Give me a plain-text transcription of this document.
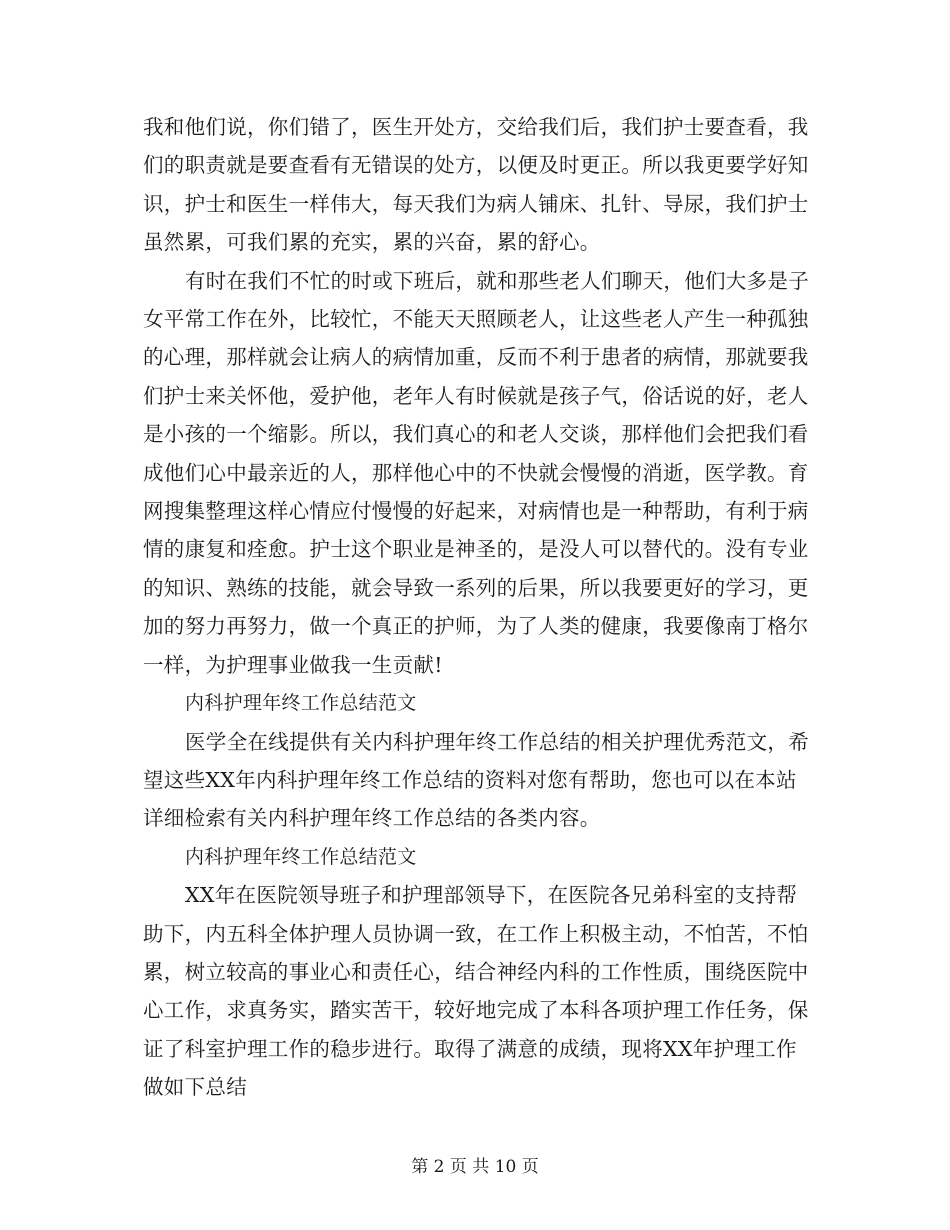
我和他们说，你们错了，医生开处方，交给我们后，我们护士要查看，我们的职责就是要查看有无错误的处方，以便及时更正。所以我更要学好知识，护士和医生一样伟大，每天我们为病人铺床、扎针、导尿，我们护士虽然累，可我们累的充实，累的兴奋，累的舒心。

有时在我们不忙的时或下班后，就和那些老人们聊天，他们大多是子女平常工作在外，比较忙，不能天天照顾老人，让这些老人产生一种孤独的心理，那样就会让病人的病情加重，反而不利于患者的病情，那就要我们护士来关怀他，爱护他，老年人有时候就是孩子气，俗话说的好，老人是小孩的一个缩影。所以，我们真心的和老人交谈，那样他们会把我们看成他们心中最亲近的人，那样他心中的不快就会慢慢的消逝，医学教。育网搜集整理这样心情应付慢慢的好起来，对病情也是一种帮助，有利于病情的康复和痊愈。护士这个职业是神圣的，是没人可以替代的。没有专业的知识、熟练的技能，就会导致一系列的后果，所以我要更好的学习，更加的努力再努力，做一个真正的护师，为了人类的健康，我要像南丁格尔一样，为护理事业做我一生贡献!

内科护理年终工作总结范文

医学全在线提供有关内科护理年终工作总结的相关护理优秀范文，希望这些XX年内科护理年终工作总结的资料对您有帮助，您也可以在本站详细检索有关内科护理年终工作总结的各类内容。

内科护理年终工作总结范文

XX年在医院领导班子和护理部领导下，在医院各兄弟科室的支持帮助下，内五科全体护理人员协调一致，在工作上积极主动，不怕苦，不怕累，树立较高的事业心和责任心，结合神经内科的工作性质，围绕医院中心工作，求真务实，踏实苦干，较好地完成了本科各项护理工作任务，保证了科室护理工作的稳步进行。取得了满意的成绩，现将XX年护理工作做如下总结

第 2 页 共 10 页
